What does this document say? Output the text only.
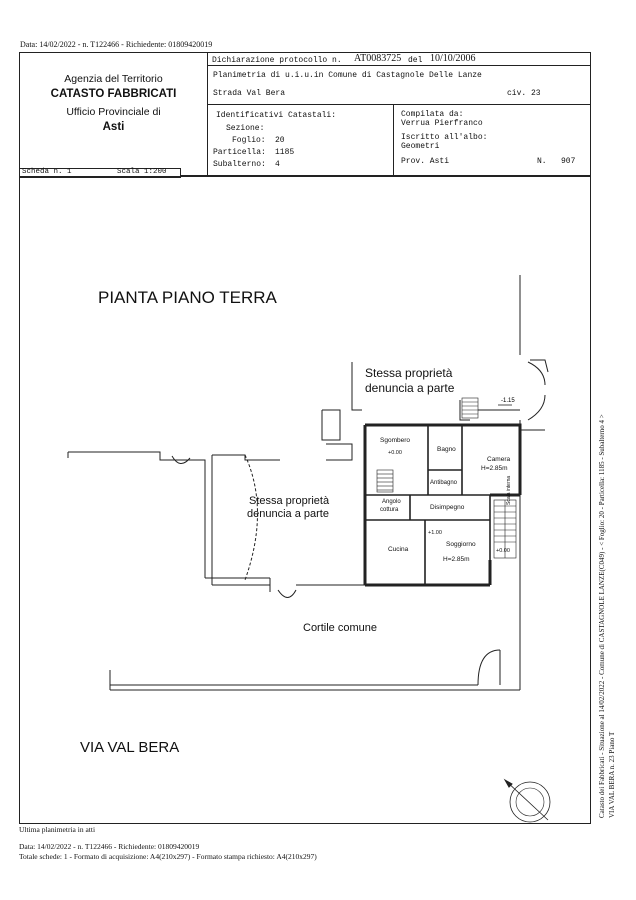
Data: 14/02/2022 - n. T122466 - Richiedente: 01809420019
Agenzia del Territorio
CATASTO FABBRICATI
Ufficio Provinciale di
Asti
Dichiarazione protocollo n. AT0083725 del 10/10/2006
Planimetria di u.i.u.in Comune di Castagnole Delle Lanze
Strada Val Bera	civ. 23
Identificativi Catastali:
Sezione:
Foglio: 20
Particella: 1185
Subalterno: 4
Compilata da:
Verrua Pierfranco
Iscritto all'albo:
Geometri
Prov. Asti	N. 907
Scheda n. 1	Scala 1:200
-1.15
PIANTA PIANO TERRA
Stessa proprietà
denuncia a parte
Stessa proprietà
denuncia a parte
Cortile comune
VIA VAL BERA
Sgombero
+0.00	Bagno
Antibagno
Camera
H=2.85m
Angolo
cottura	Disimpegno
Cucina
+1.00
Soggiorno
H=2.85m
Scala interna
+0.00	Catasto dei Fabbricati - Situazione al 14/02/2022 - Comune di CASTAGNOLE LANZE(C049) - < Foglio: 20 - Particella: 1185 - Subalterno 4 > VIA VAL BERA n. 23 Piano T
Ultima planimetria in atti
Data: 14/02/2022 - n. T122466 - Richiedente: 01809420019
Totale schede: 1 - Formato di acquisizione: A4(210x297) - Formato stampa richiesto: A4(210x297)
